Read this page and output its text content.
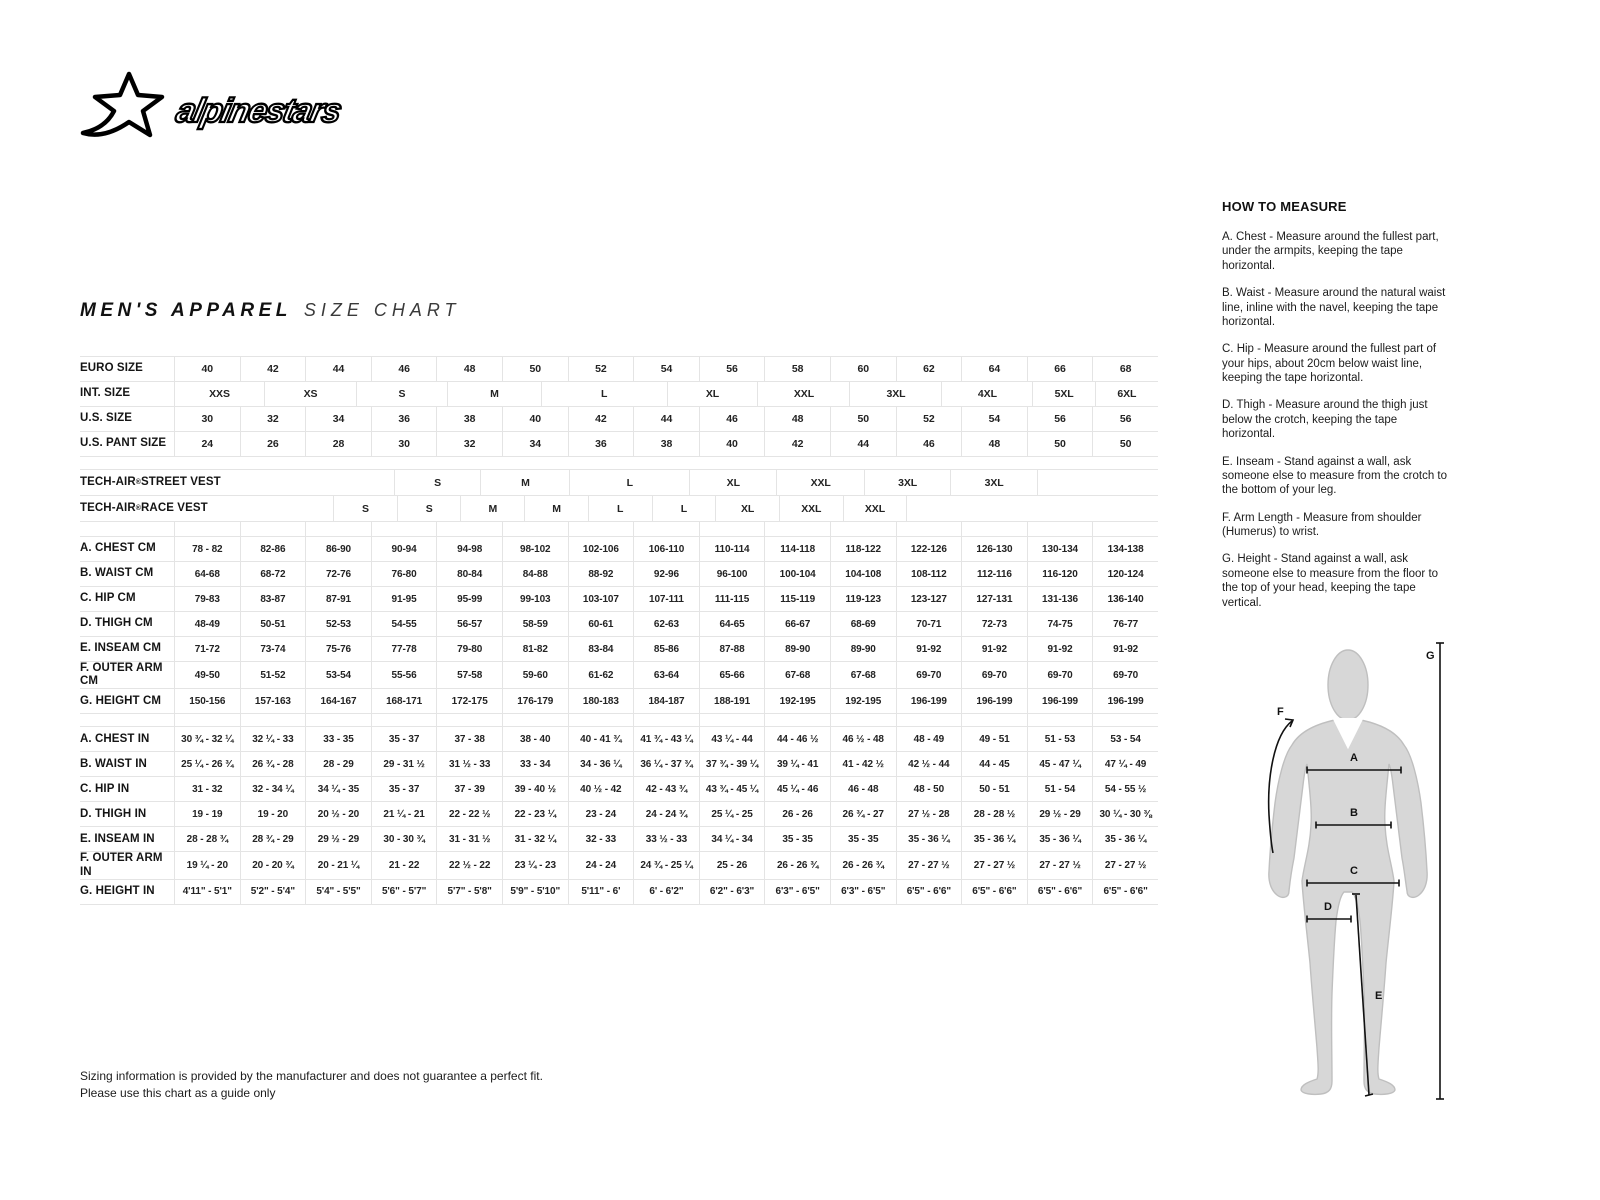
alpinestars
MEN'S APPAREL SIZE CHART
EURO SIZE	40	42	44	46	48	50	52	54	56	58	60	62	64	66	68
INT. SIZE	XXS	XS	S	M	L	XL	XXL	3XL	4XL	5XL	6XL
U.S. SIZE	30	32	34	36	38	40	42	44	46	48	50	52	54	56	56
U.S. PANT SIZE	24	26	28	30	32	34	36	38	40	42	44	46	48	50	50
TECH-AIR ® STREET VEST	S	M	L	XL	XXL	3XL	3XL
TECH-AIR ® RACE VEST	S	S	M	M	L	L	XL	XXL	XXL
A. CHEST CM	78 - 82	82-86	86-90	90-94	94-98	98-102	102-106	106-110	110-114	114-118	118-122	122-126	126-130	130-134	134-138
B. WAIST CM	64-68	68-72	72-76	76-80	80-84	84-88	88-92	92-96	96-100	100-104	104-108	108-112	112-116	116-120	120-124
C. HIP CM	79-83	83-87	87-91	91-95	95-99	99-103	103-107	107-111	111-115	115-119	119-123	123-127	127-131	131-136	136-140
D. THIGH CM	48-49	50-51	52-53	54-55	56-57	58-59	60-61	62-63	64-65	66-67	68-69	70-71	72-73	74-75	76-77
E. INSEAM CM	71-72	73-74	75-76	77-78	79-80	81-82	83-84	85-86	87-88	89-90	89-90	91-92	91-92	91-92	91-92
F. OUTER ARM CM	49-50	51-52	53-54	55-56	57-58	59-60	61-62	63-64	65-66	67-68	67-68	69-70	69-70	69-70	69-70
G. HEIGHT CM	150-156	157-163	164-167	168-171	172-175	176-179	180-183	184-187	188-191	192-195	192-195	196-199	196-199	196-199	196-199
A. CHEST IN	30 ¾ - 32 ¼	32 ¼ - 33	33 - 35	35 - 37	37 - 38	38 - 40	40 - 41 ¾	41 ¾ - 43 ¼	43 ¼ - 44	44 - 46 ½	46 ½ - 48	48 - 49	49 - 51	51 - 53	53 - 54
B. WAIST IN	25 ¼ - 26 ¾	26 ¾ - 28	28 - 29	29 - 31 ½	31 ½ - 33	33 - 34	34 - 36 ¼	36 ¼ - 37 ¾	37 ¾ - 39 ¼	39 ¼ - 41	41 - 42 ½	42 ½ - 44	44 - 45	45 - 47 ¼	47 ¼ - 49
C. HIP IN	31 - 32	32 - 34 ¼	34 ¼ - 35	35 - 37	37 - 39	39 - 40 ½	40 ½ - 42	42 - 43 ¾	43 ¾ - 45 ¼	45 ¼ - 46	46 - 48	48 - 50	50 - 51	51 - 54	54 - 55 ½
D. THIGH IN	19 - 19	19 - 20	20 ½ - 20	21 ¼ - 21	22 - 22 ½	22 - 23 ¼	23 - 24	24 - 24 ¾	25 ¼ - 25	26 - 26	26 ¾ - 27	27 ½ - 28	28 - 28 ½	29 ½ - 29	30 ¼ - 30 ⅜
E. INSEAM IN	28 - 28 ¾	28 ¾ - 29	29 ½ - 29	30 - 30 ¾	31 - 31 ½	31 - 32 ¼	32 - 33	33 ½ - 33	34 ¼ - 34	35 - 35	35 - 35	35 - 36 ¼	35 - 36 ¼	35 - 36 ¼	35 - 36 ¼
F. OUTER ARM IN	19 ¼ - 20	20 - 20 ¾	20 - 21 ¼	21 - 22	22 ½ - 22	23 ¼ - 23	24 - 24	24 ¾ - 25 ¼	25 - 26	26 - 26 ¾	26 - 26 ¾	27 - 27 ½	27 - 27 ½	27 - 27 ½	27 - 27 ½
G. HEIGHT IN	4'11" - 5'1"	5'2" - 5'4"	5'4" - 5'5"	5'6" - 5'7"	5'7" - 5'8"	5'9" - 5'10"	5'11" - 6'	6' - 6'2"	6'2" - 6'3"	6'3" - 6'5"	6'3" - 6'5"	6'5" - 6'6"	6'5" - 6'6"	6'5" - 6'6"	6'5" - 6'6"
HOW TO MEASURE

A. Chest - Measure around the fullest part, under the armpits, keeping the tape horizontal.

B. Waist - Measure around the natural waist line, inline with the navel, keeping the tape horizontal.

C. Hip - Measure around the fullest part of your hips, about 20cm below waist line, keeping the tape horizontal.

D. Thigh - Measure around the thigh just below the crotch, keeping the tape horizontal.

E. Inseam - Stand against a wall, ask someone else to measure from the crotch to the bottom of your leg.

F. Arm Length - Measure from shoulder (Humerus) to wrist.

G. Height - Stand against a wall, ask someone else to measure from the floor to the top of your head, keeping the tape vertical.

A
B
C
D
E
F
G
Sizing information is provided by the manufacturer and does not guarantee a perfect fit.
Please use this chart as a guide only
